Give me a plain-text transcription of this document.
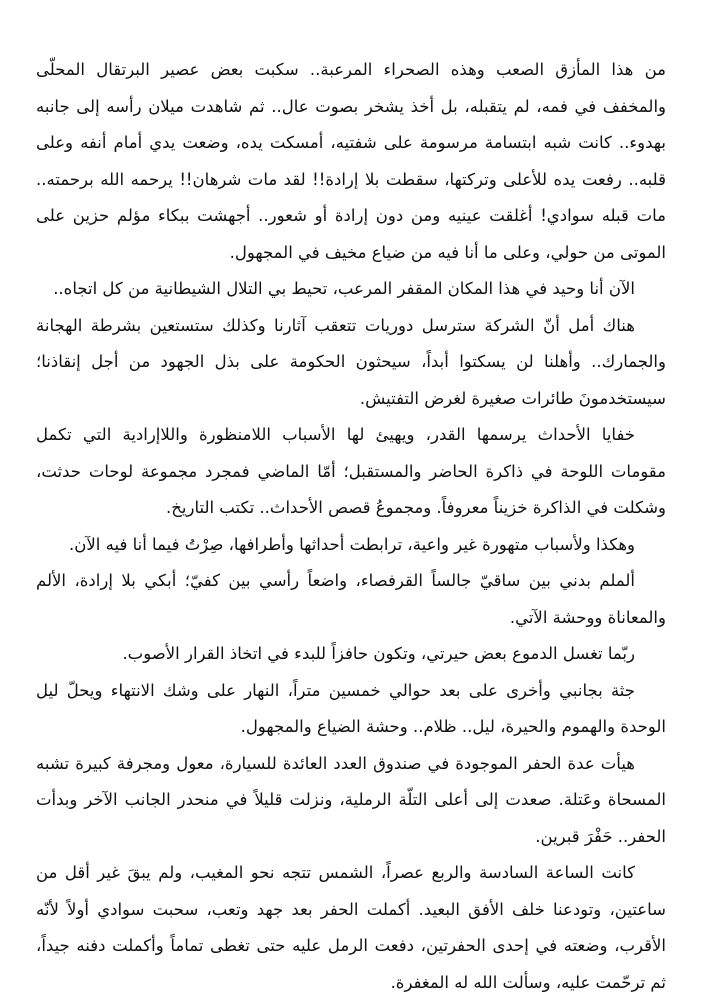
من هذا المأزق الصعب وهذه الصحراء المرعبة.. سكبت بعض عصير البرتقال المحلّى والمخفف في فمه، لم يتقبله، بل أخذ يشخر بصوت عال.. ثم شاهدت ميلان رأسه إلى جانبه بهدوء.. كانت شبه ابتسامة مرسومة على شفتيه، أمسكت يده، وضعت يدي أمام أنفه وعلى قلبه.. رفعت يده للأعلى وتركتها، سقطت بلا إرادة!! لقد مات شرهان!! يرحمه الله برحمته.. مات قبله سوادي! أغلقت عينيه ومن دون إرادة أو شعور.. أجهشت ببكاء مؤلم حزين على الموتى من حولي، وعلى ما أنا فيه من ضياع مخيف في المجهول.

الآن أنا وحيد في هذا المكان المقفر المرعب، تحيط بي التلال الشيطانية من كل اتجاه..

هناك أمل أنّ الشركة سترسل دوريات تتعقب آثارنا وكذلك ستستعين بشرطة الهجانة والجمارك.. وأهلنا لن يسكتوا أبداً، سيحثون الحكومة على بذل الجهود من أجل إنقاذنا؛ سيستخدمونَ طائرات صغيرة لغرض التفتيش.

خفايا الأحداث يرسمها القدر، ويهيئ لها الأسباب اللامنظورة واللاإرادية التي تكمل مقومات اللوحة في ذاكرة الحاضر والمستقبل؛ أمّا الماضي فمجرد مجموعة لوحات حدثت، وشكلت في الذاكرة خزيناً معروفاً. ومجموعُ قصص الأحداث.. تكتب التاريخ.

وهكذا ولأسباب متهورة غير واعية، ترابطت أحداثها وأطرافها، صِرْتُ فيما أنا فيه الآن.

ألملم بدني بين ساقيّ جالساً القرفصاء، واضعاً رأسي بين كفيّ؛ أبكي بلا إرادة، الألم والمعاناة ووحشة الآتي.

ربّما تغسل الدموع بعض حيرتي، وتكون حافزاً للبدء في اتخاذ القرار الأصوب.

جثة بجانبي وأخرى على بعد حوالي خمسين متراً، النهار على وشك الانتهاء ويحلّ ليل الوحدة والهموم والحيرة، ليل.. ظلام.. وحشة الضياع والمجهول.

هيأت عدة الحفر الموجودة في صندوق العدد العائدة للسيارة، معول ومجرفة كبيرة تشبه المسحاة وعَتلة. صعدت إلى أعلى التلّة الرملية، ونزلت قليلاً في منحدر الجانب الآخر وبدأت الحفر.. حَفْرَ قبرين.

كانت الساعة السادسة والربع عصراً، الشمس تتجه نحو المغيب، ولم يبقَ غير أقل من ساعتين، وتودعنا خلف الأفق البعيد. أكملت الحفر بعد جهد وتعب، سحبت سوادي أولاً لأنّه الأقرب، وضعته في إحدى الحفرتين، دفعت الرمل عليه حتى تغطى تماماً وأكملت دفنه جيداً، ثم ترحّمت عليه، وسألت الله له المغفرة.
